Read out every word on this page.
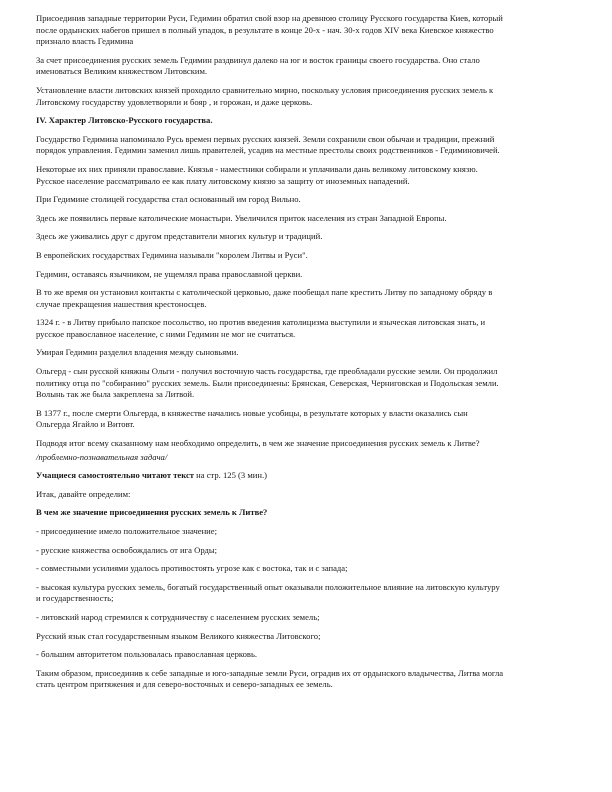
Присоединив западные территории Руси, Гедимин обратил свой взор на древнюю столицу Русского государства Киев, который
после ордынских набегов пришел в полный упадок, в результате в конце 20-х - нач. 30-х годов XIV века Киевское княжество
признало власть Гедимина

За счет присоединения русских земель Гедимин раздвинул далеко на юг и восток границы своего государства. Оно стало
именоваться Великим княжеством Литовским.

Установление власти литовских князей проходило сравнительно мирно, поскольку условия присоединения русских земель к
Литовскому государству удовлетворяли и бояр , и горожан, и даже церковь.

IV. Характер Литовско-Русского государства.

Государство Гедимина напоминало Русь времен первых русских князей. Земли сохранили свои обычаи и традиции, прежний
порядок управления. Гедимин заменил лишь правителей, усадив на местные престолы своих родственников - Гедиминовичей.

Некоторые их них приняли православие. Князья - наместники собирали и уплачивали дань великому литовскому князю.
Русское население рассматривало ее как плату литовскому князю за защиту от иноземных нападений.

При Гедимине столицей государства стал основанный им город Вильно.

Здесь же появились первые католические монастыри. Увеличился приток населения из стран Западной Европы.

Здесь же уживались друг с другом представители многих культур и традиций.

В европейских государствах Гедимина называли "королем Литвы и Руси".

Гедимин, оставаясь язычником, не ущемлял права православной церкви.

В то же время он установил контакты с католической церковью, даже пообещал папе крестить Литву по западному обряду в
случае прекращения нашествия крестоносцев.

1324 г. - в Литву прибыло папское посольство, но против введения католицизма выступили и языческая литовская знать, и
русское православное население, с ними Гедимин не мог не считаться.

Умирая Гедимин разделил владения между сыновьями.

Ольгерд - сын русской княжны Ольги - получил восточную часть государства, где преобладали русские земли. Он продолжил
политику отца по "собиранию" русских земель. Были присоединены: Брянская, Северская, Черниговская и Подольская земли.
Волынь так же была закреплена за Литвой.

В 1377 г., после смерти Ольгерда, в княжестве начались новые усобицы, в результате которых у власти оказались сын
Ольгерда Ягайло и Витовт.

Подводя итог всему сказанному нам необходимо определить, в чем же значение присоединения русских земель к Литве?

/проблемно-познавательная задача/

Учащиеся самостоятельно читают текст на стр. 125 (3 мин.)

Итак, давайте определим:

В чем же значение присоединения русских земель к Литве?

- присоединение имело положительное значение;

- русские княжества освобождались от ига Орды;

- совместными усилиями удалось противостоять угрозе как с востока, так и с запада;

- высокая культура русских земель, богатый государственный опыт оказывали положительное влияние на литовскую культуру
и государственность;

- литовский народ стремился к сотрудничеству с населением русских земель;

Русский язык стал государственным языком Великого княжества Литовского;

- большим авторитетом пользовалась православная церковь.

Таким образом, присоединив к себе западные и юго-западные земли Руси, оградив их от ордынского владычества, Литва могла
стать центром притяжения и для северо-восточных и северо-западных ее земель.
